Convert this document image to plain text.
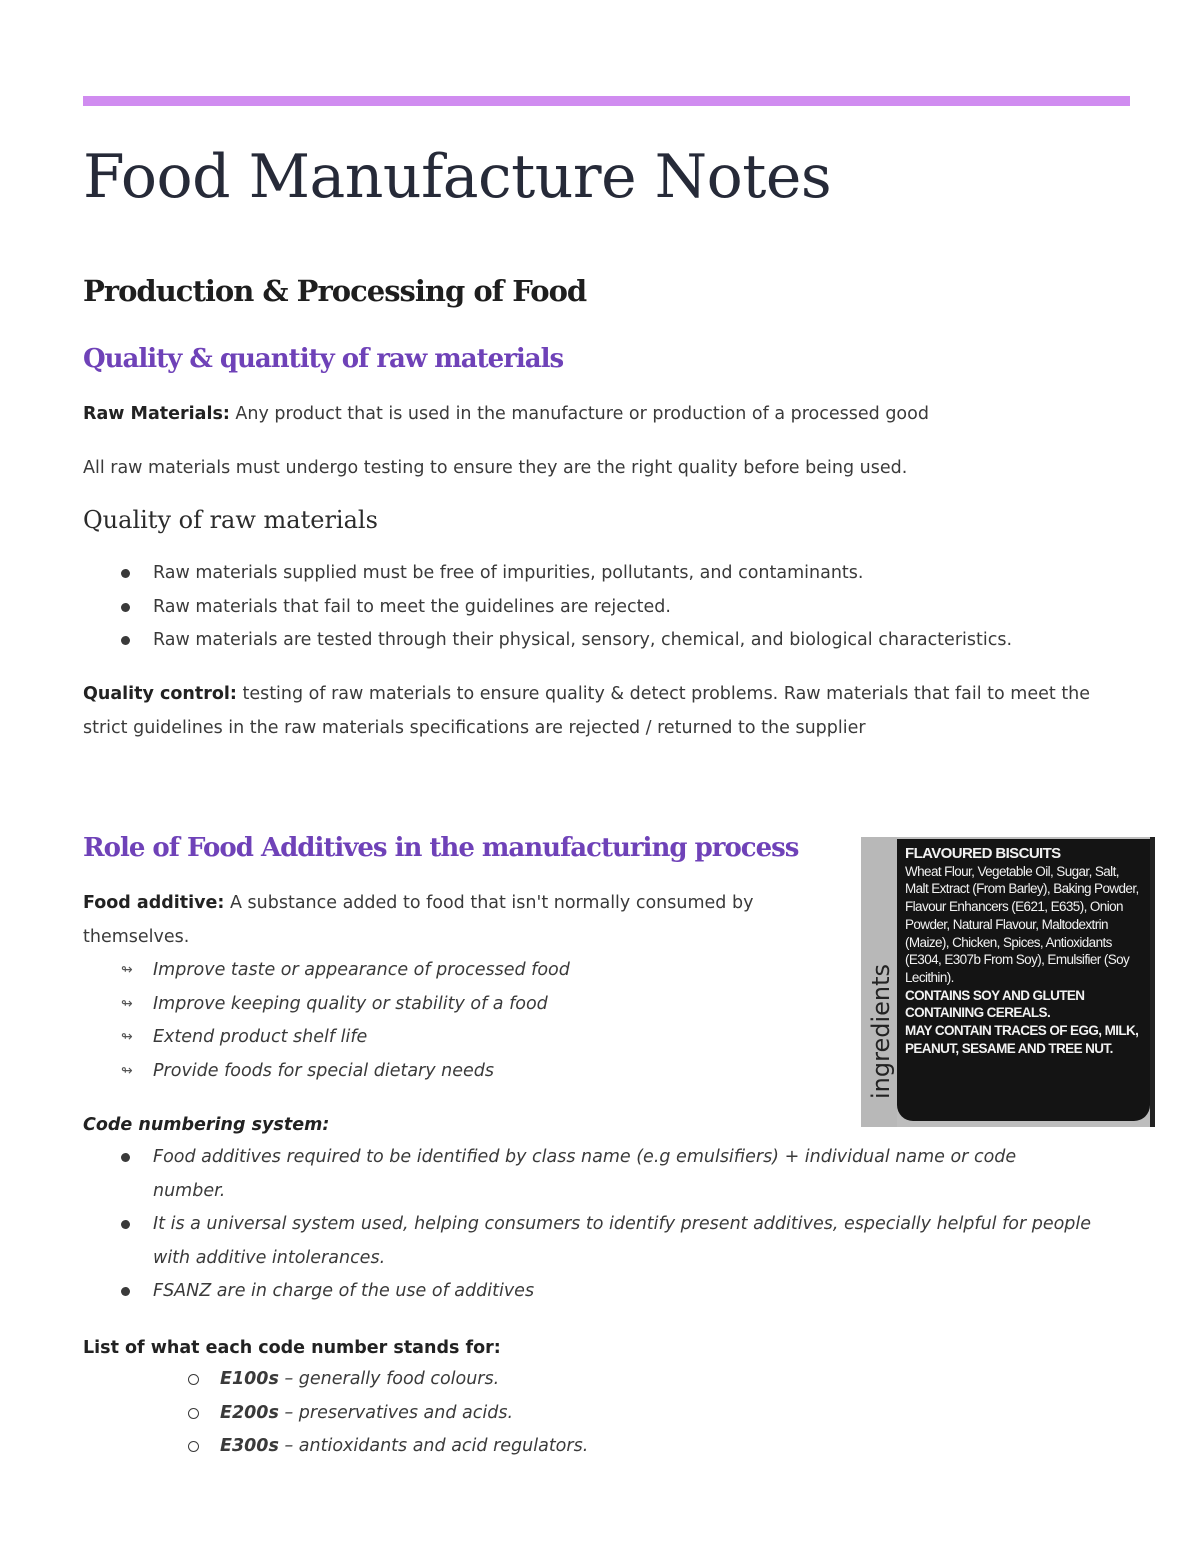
Food Manufacture Notes
Production & Processing of Food
Quality & quantity of raw materials

Raw Materials: Any product that is used in the manufacture or production of a processed good

All raw materials must undergo testing to ensure they are the right quality before being used.

Quality of raw materials
Raw materials supplied must be free of impurities, pollutants, and contaminants.
Raw materials that fail to meet the guidelines are rejected.
Raw materials are tested through their physical, sensory, chemical, and biological characteristics.

Quality control: testing of raw materials to ensure quality & detect problems. Raw materials that fail to meet the strict guidelines in the raw materials specifications are rejected / returned to the supplier

Role of Food Additives in the manufacturing process

Food additive: A substance added to food that isn't normally consumed by themselves.

↬ Improve taste or appearance of processed food
↬ Improve keeping quality or stability of a food
↬ Extend product shelf life
↬ Provide foods for special dietary needs

Code numbering system:

Food additives required to be identified by class name (e.g emulsifiers) + individual name or code number.
It is a universal system used, helping consumers to identify present additives, especially helpful for people with additive intolerances.
FSANZ are in charge of the use of additives

List of what each code number stands for:

E100s – generally food colours.
E200s – preservatives and acids.
E300s – antioxidants and acid regulators.
ingredients
FLAVOURED BISCUITS
Wheat Flour, Vegetable Oil, Sugar, Salt, Malt Extract (From Barley), Baking Powder, Flavour Enhancers (E621, E635), Onion Powder, Natural Flavour, Maltodextrin (Maize), Chicken, Spices, Antioxidants (E304, E307b From Soy), Emulsifier (Soy Lecithin).
CONTAINS SOY AND GLUTEN CONTAINING CEREALS.
MAY CONTAIN TRACES OF EGG, MILK, PEANUT, SESAME AND TREE NUT.
